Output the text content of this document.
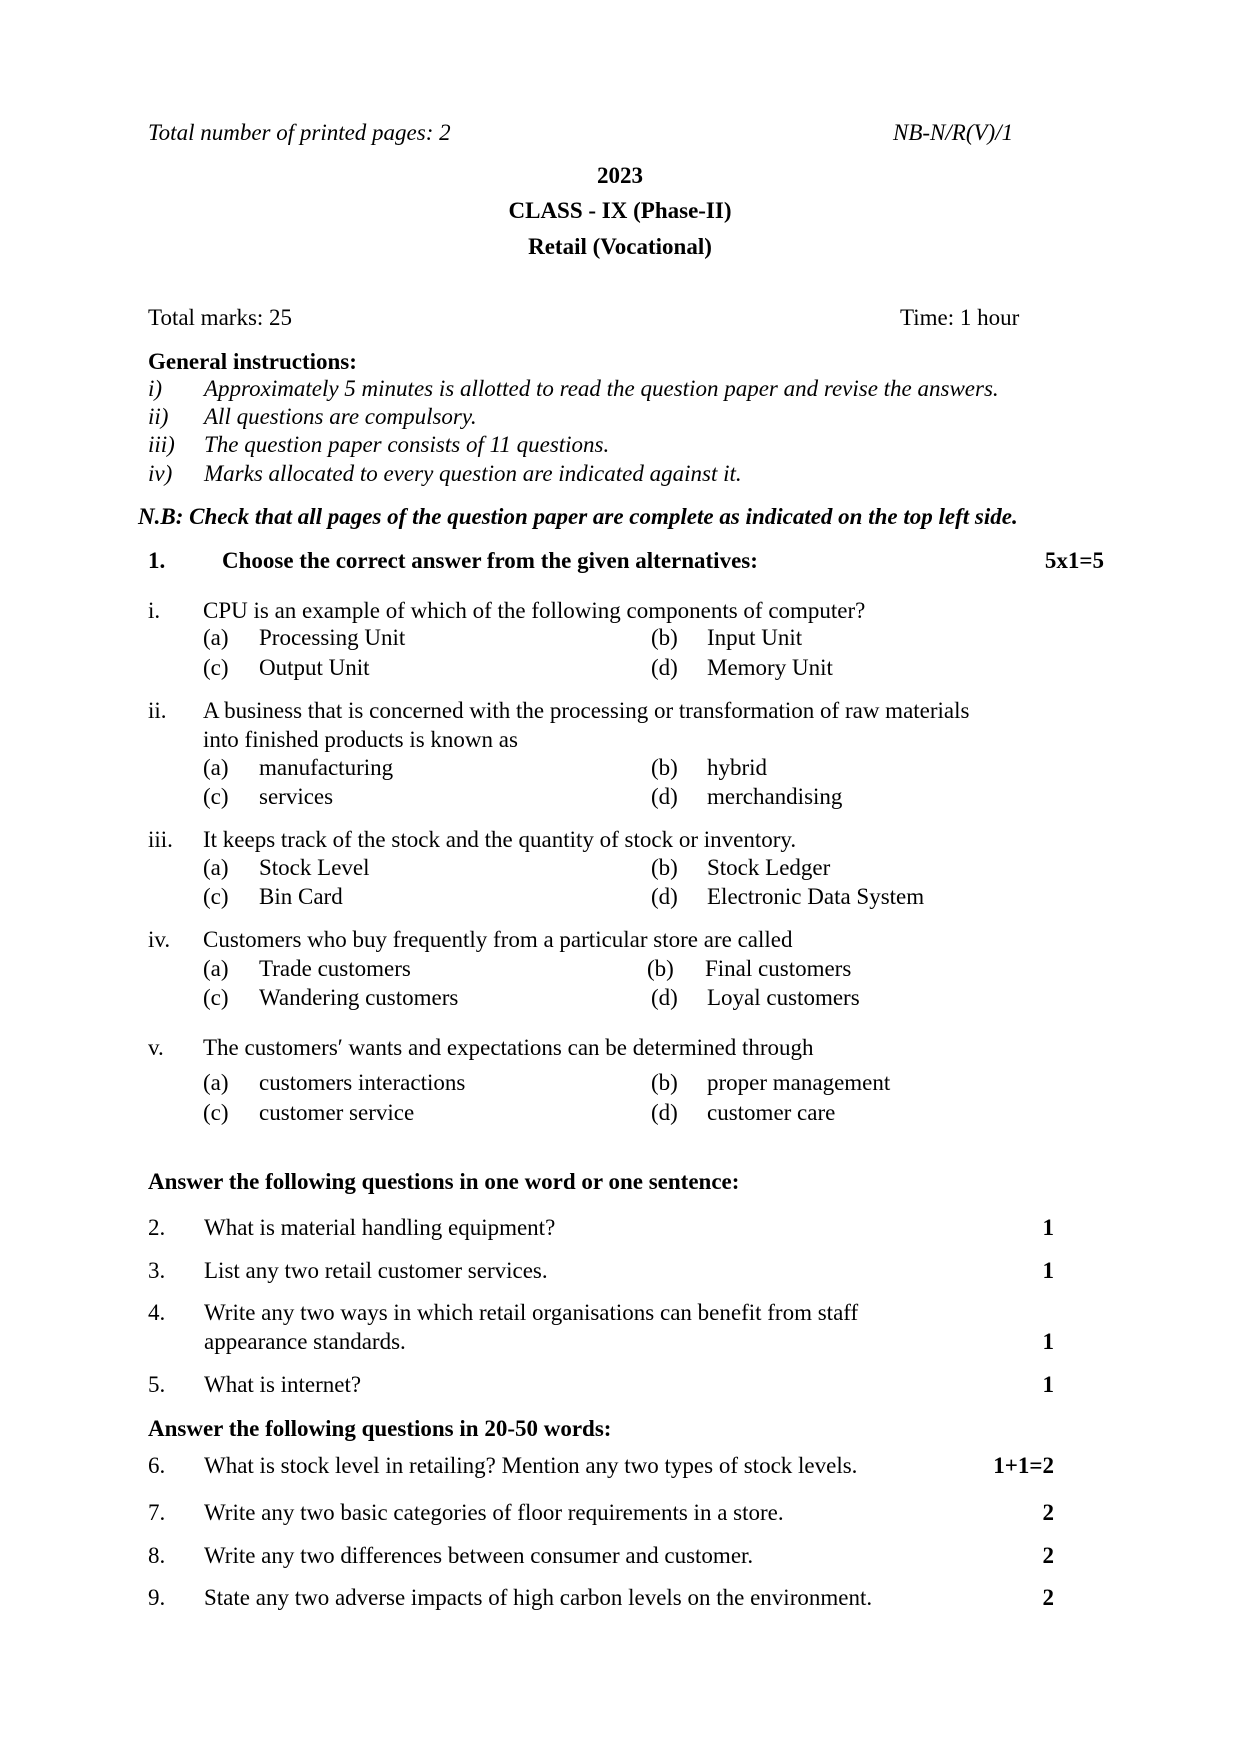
Total number of printed pages: 2	NB-N/R(V)/1
2023
CLASS - IX (Phase-II)
Retail (Vocational)
Total marks: 25	Time: 1 hour
General instructions:
i) Approximately 5 minutes is allotted to read the question paper and revise the answers.
ii) All questions are compulsory.
iii) The question paper consists of 11 questions.
iv) Marks allocated to every question are indicated against it.
N.B: Check that all pages of the question paper are complete as indicated on the top left side.
1. Choose the correct answer from the given alternatives:	5x1=5
i. CPU is an example of which of the following components of computer?
(a) Processing Unit	(b) Input Unit
(c) Output Unit	(d) Memory Unit
ii. A business that is concerned with the processing or transformation of raw materials
into finished products is known as
(a) manufacturing	(b) hybrid
(c) services	(d) merchandising
iii. It keeps track of the stock and the quantity of stock or inventory.
(a) Stock Level	(b) Stock Ledger
(c) Bin Card	(d) Electronic Data System
iv. Customers who buy frequently from a particular store are called
(a) Trade customers	(b) Final customers
(c) Wandering customers	(d) Loyal customers
v. The customers′ wants and expectations can be determined through
(a) customers interactions	(b) proper management
(c) customer service	(d) customer care
Answer the following questions in one word or one sentence:
2. What is material handling equipment?	1
3. List any two retail customer services.	1
4. Write any two ways in which retail organisations can benefit from staff
appearance standards.	1
5. What is internet?	1
Answer the following questions in 20-50 words:
6. What is stock level in retailing? Mention any two types of stock levels.	1+1=2
7. Write any two basic categories of floor requirements in a store.	2
8. Write any two differences between consumer and customer.	2
9. State any two adverse impacts of high carbon levels on the environment.	2
